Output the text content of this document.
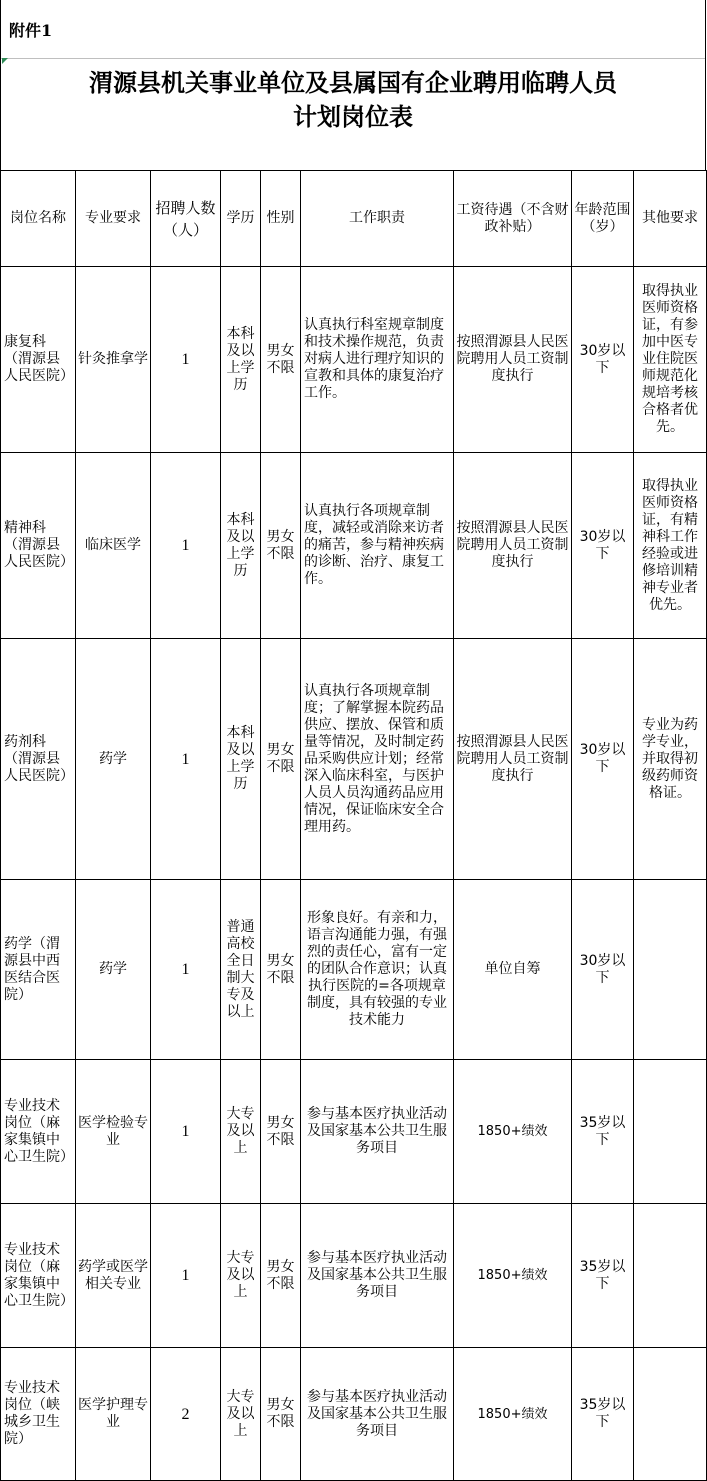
附件1
渭源县机关事业单位及县属国有企业聘用临聘人员
计划岗位表
岗位名称	专业要求	招聘人数（人）	学历	性别	工作职责	工资待遇（不含财政补贴）	年龄范围（岁）	其他要求
康复科（渭源县人民医院）	针灸推拿学	1	本科及以上学历	男女不限	认真执行科室规章制度和技术操作规范，负责对病人进行理疗知识的宣教和具体的康复治疗工作。	按照渭源县人民医院聘用人员工资制度执行	30岁以下	取得执业医师资格证，有参加中医专业住院医师规范化规培考核合格者优先。
精神科（渭源县人民医院）	临床医学	1	本科及以上学历	男女不限	认真执行各项规章制度，减轻或消除来访者的痛苦，参与精神疾病的诊断、治疗、康复工作。	按照渭源县人民医院聘用人员工资制度执行	30岁以下	取得执业医师资格证，有精神科工作经验或进修培训精神专业者优先。
药剂科（渭源县人民医院）	药学	1	本科及以上学历	男女不限	认真执行各项规章制度；了解掌握本院药品供应、摆放、保管和质量等情况，及时制定药品采购供应计划；经常深入临床科室，与医护人员人员沟通药品应用情况，保证临床安全合理用药。	按照渭源县人民医院聘用人员工资制度执行	30岁以下	专业为药学专业，并取得初级药师资格证。
药学（渭源县中西医结合医院）	药学	1	普通高校全日制大专及以上	男女不限	形象良好。有亲和力，语言沟通能力强，有强烈的责任心，富有一定的团队合作意识；认真执行医院的=各项规章制度，具有较强的专业技术能力	单位自筹	30岁以下	
专业技术岗位（麻家集镇中心卫生院）	医学检验专业	1	大专及以上	男女不限	参与基本医疗执业活动及国家基本公共卫生服务项目	1850+绩效	35岁以下	
专业技术岗位（麻家集镇中心卫生院）	药学或医学相关专业	1	大专及以上	男女不限	参与基本医疗执业活动及国家基本公共卫生服务项目	1850+绩效	35岁以下	
专业技术岗位（峡城乡卫生院）	医学护理专业	2	大专及以上	男女不限	参与基本医疗执业活动及国家基本公共卫生服务项目	1850+绩效	35岁以下	
